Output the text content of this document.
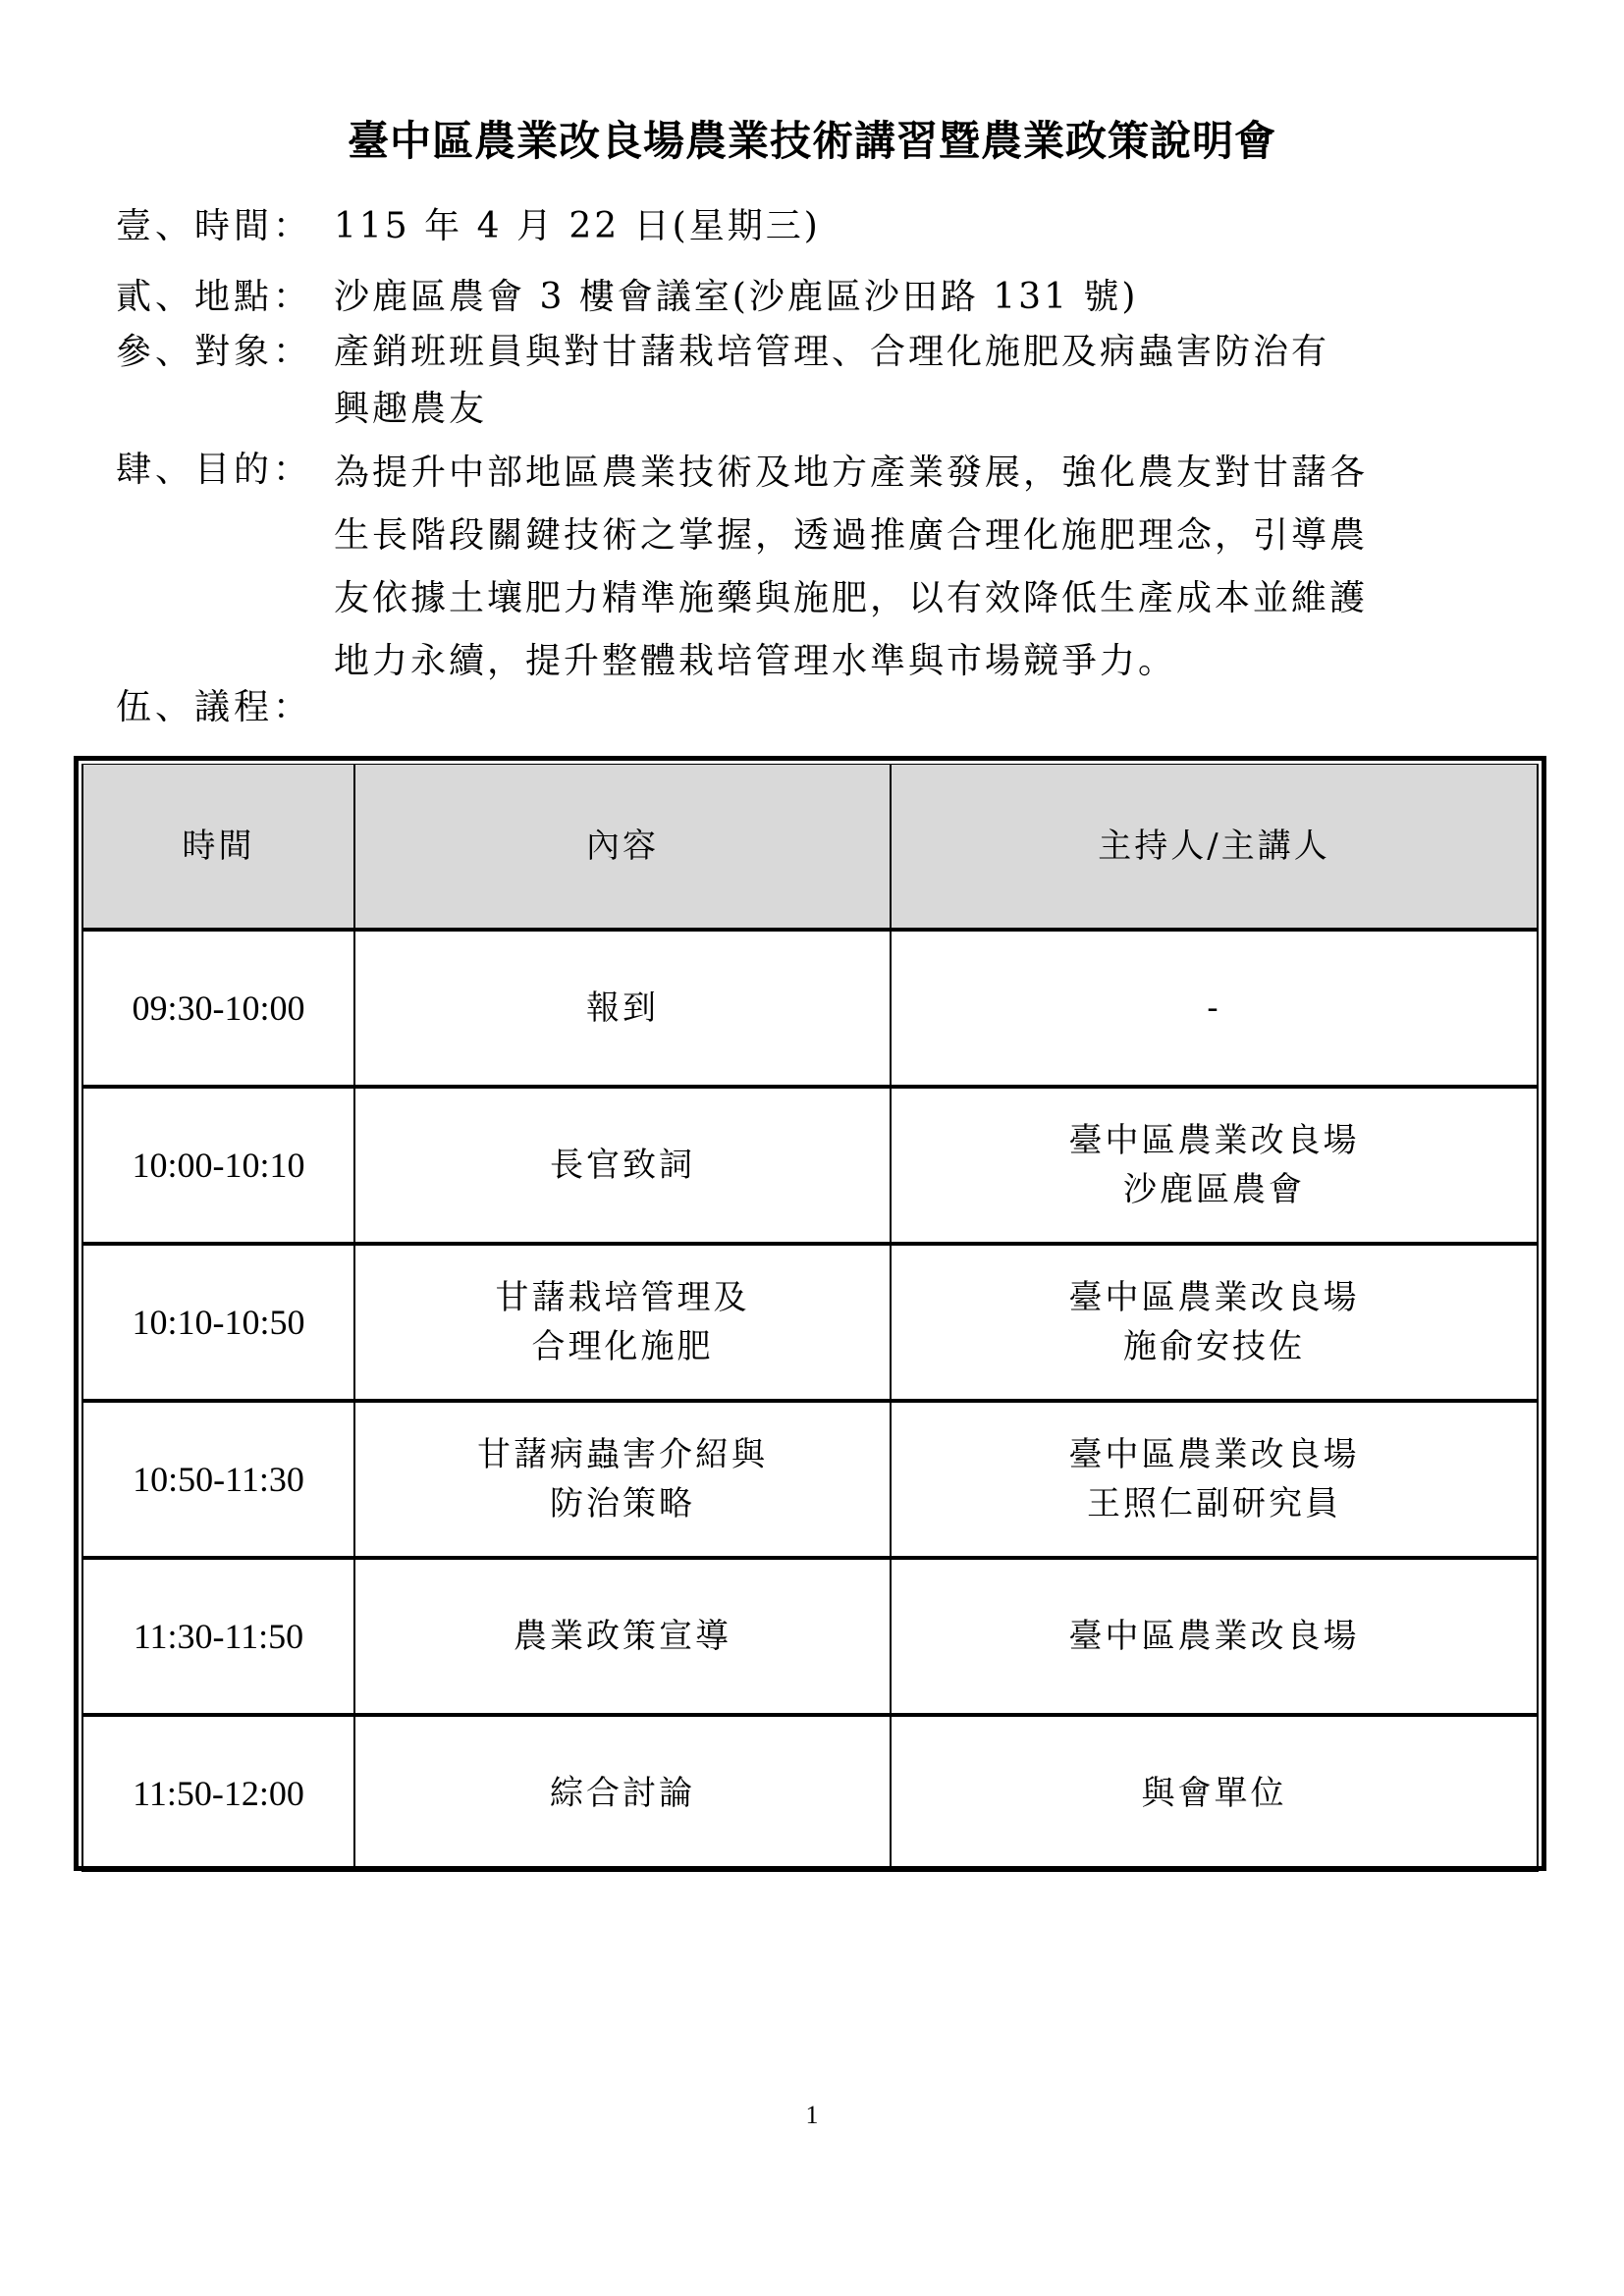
臺中區農業改良場農業技術講習暨農業政策說明會
壹、時間： 115 年 4 月 22 日(星期三)
貳、地點： 沙鹿區農會 3 樓會議室(沙鹿區沙田路 131 號)
參、對象： 產銷班班員與對甘藷栽培管理、合理化施肥及病蟲害防治有
興趣農友
肆、目的： 為提升中部地區農業技術及地方產業發展，強化農友對甘藷各
生長階段關鍵技術之掌握，透過推廣合理化施肥理念，引導農
友依據土壤肥力精準施藥與施肥，以有效降低生產成本並維護
地力永續，提升整體栽培管理水準與市場競爭力。
伍、議程：
時間	內容	主持人/主講人
09:30-10:00	報到	-

10:00-10:10	長官致詞	臺中區農業改良場
沙鹿區農會

10:10-10:50	甘藷栽培管理及
合理化施肥	臺中區農業改良場
施俞安技佐

10:50-11:30	甘藷病蟲害介紹與
防治策略	臺中區農業改良場
王照仁副研究員

11:30-11:50	農業政策宣導	臺中區農業改良場

11:50-12:00	綜合討論	與會單位
1
